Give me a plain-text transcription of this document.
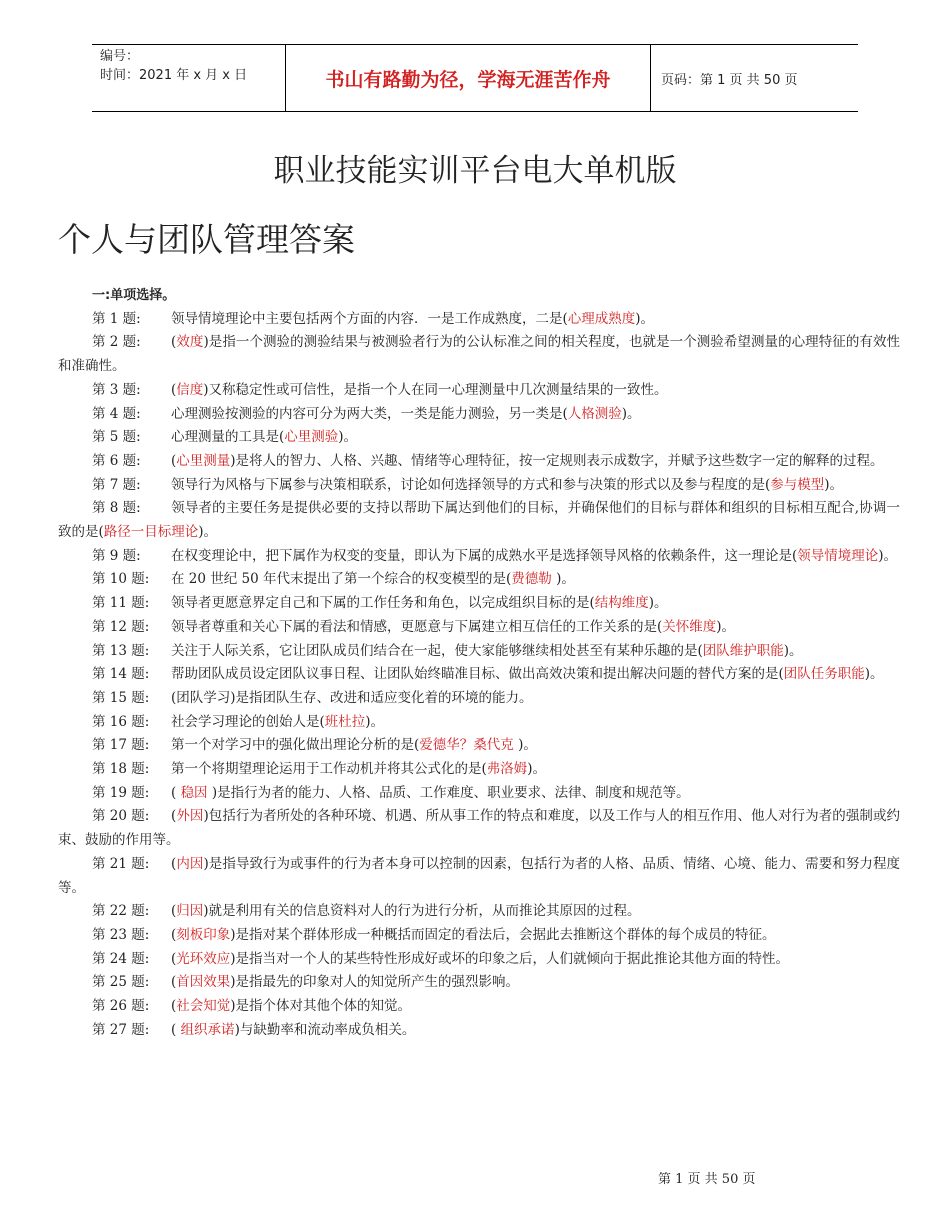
编号：
时间：2021 年 x 月 x 日	书山有路勤为径，学海无涯苦作舟	页码：第 1 页 共 50 页
职业技能实训平台电大单机版
个人与团队管理答案
一:单项选择。
第 1 题: 领导情境理论中主要包括两个方面的内容．一是工作成熟度，二是(心理成熟度)。
第 2 题: (效度)是指一个测验的测验结果与被测验者行为的公认标准之间的相关程度，也就是一个测验希望测量的心理特征的有效性和准确性。
第 3 题: (信度)又称稳定性或可信性，是指一个人在同一心理测量中几次测量结果的一致性。
第 4 题: 心理测验按测验的内容可分为两大类，一类是能力测验，另一类是(人格测验)。
第 5 题: 心理测量的工具是(心里测验)。
第 6 题: (心里测量)是将人的智力、人格、兴趣、情绪等心理特征，按一定规则表示成数字，并赋予这些数字一定的解释的过程。
第 7 题: 领导行为风格与下属参与决策相联系，讨论如何选择领导的方式和参与决策的形式以及参与程度的是(参与模型)。
第 8 题: 领导者的主要任务是提供必要的支持以帮助下属达到他们的目标，并确保他们的目标与群体和组织的目标相互配合,协调一致的是(路径一目标理论)。
第 9 题: 在权变理论中，把下属作为权变的变量，即认为下属的成熟水平是选择领导风格的依赖条件，这一理论是(领导情境理论)。
第 10 题: 在 20 世纪 50 年代末提出了第一个综合的权变模型的是(费德勒 )。
第 11 题: 领导者更愿意界定自己和下属的工作任务和角色，以完成组织目标的是(结构维度)。
第 12 题: 领导者尊重和关心下属的看法和情感，更愿意与下属建立相互信任的工作关系的是(关怀维度)。
第 13 题: 关注于人际关系，它让团队成员们结合在一起，使大家能够继续相处甚至有某种乐趣的是(团队维护职能)。
第 14 题: 帮助团队成员设定团队议事日程、让团队始终瞄准目标、做出高效决策和提出解决问题的替代方案的是(团队任务职能)。
第 15 题: (团队学习)是指团队生存、改进和适应变化着的环境的能力。
第 16 题: 社会学习理论的创始人是(班杜拉)。
第 17 题: 第一个对学习中的强化做出理论分析的是(爱德华？桑代克 )。
第 18 题: 第一个将期望理论运用于工作动机并将其公式化的是(弗洛姆)。
第 19 题: ( 稳因 )是指行为者的能力、人格、品质、工作难度、职业要求、法律、制度和规范等。
第 20 题: (外因)包括行为者所处的各种环境、机遇、所从事工作的特点和难度，以及工作与人的相互作用、他人对行为者的强制或约束、鼓励的作用等。
第 21 题: (内因)是指导致行为或事件的行为者本身可以控制的因素，包括行为者的人格、品质、情绪、心境、能力、需要和努力程度等。
第 22 题: (归因)就是利用有关的信息资料对人的行为进行分析，从而推论其原因的过程。
第 23 题: (刻板印象)是指对某个群体形成一种概括而固定的看法后，会据此去推断这个群体的每个成员的特征。
第 24 题: (光环效应)是指当对一个人的某些特性形成好或坏的印象之后，人们就倾向于据此推论其他方面的特性。
第 25 题: (首因效果)是指最先的印象对人的知觉所产生的强烈影响。
第 26 题: (社会知觉)是指个体对其他个体的知觉。
第 27 题: ( 组织承诺)与缺勤率和流动率成负相关。
第 1 页 共 50 页
